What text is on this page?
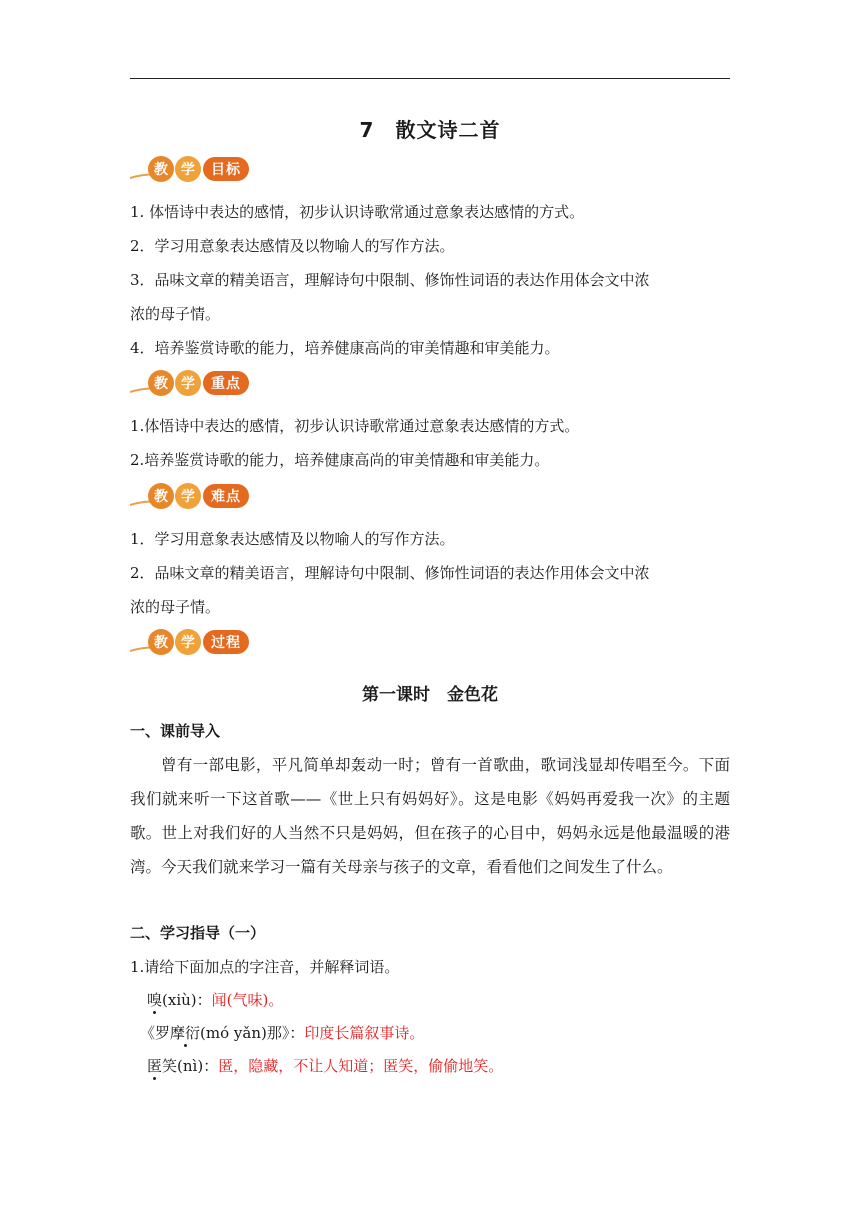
7　散文诗二首
教 学	目标
1. 体悟诗中表达的感情，初步认识诗歌常通过意象表达感情的方式。
2．学习用意象表达感情及以物喻人的写作方法。
3．品味文章的精美语言，理解诗句中限制、修饰性词语的表达作用体会文中浓
浓的母子情。
4．培养鉴赏诗歌的能力，培养健康高尚的审美情趣和审美能力。
教 学	重点
1.体悟诗中表达的感情，初步认识诗歌常通过意象表达感情的方式。
2.培养鉴赏诗歌的能力，培养健康高尚的审美情趣和审美能力。
教 学	难点
1．学习用意象表达感情及以物喻人的写作方法。
2．品味文章的精美语言，理解诗句中限制、修饰性词语的表达作用体会文中浓
浓的母子情。
教 学	过程
第一课时　金色花
一、课前导入
曾有一部电影，平凡简单却轰动一时；曾有一首歌曲，歌词浅显却传唱至今。下面我们就来听一下这首歌——《世上只有妈妈好》。这是电影《妈妈再爱我一次》的主题歌。世上对我们好的人当然不只是妈妈，但在孩子的心目中，妈妈永远是他最温暖的港湾。今天我们就来学习一篇有关母亲与孩子的文章，看看他们之间发生了什么。
二、学习指导（一）
1.请给下面加点的字注音，并解释词语。
嗅(xiù)：闻(气味)。
《罗摩衍(mó yǎn)那》：印度长篇叙事诗。
匿笑(nì)：匿，隐藏，不让人知道；匿笑，偷偷地笑。
